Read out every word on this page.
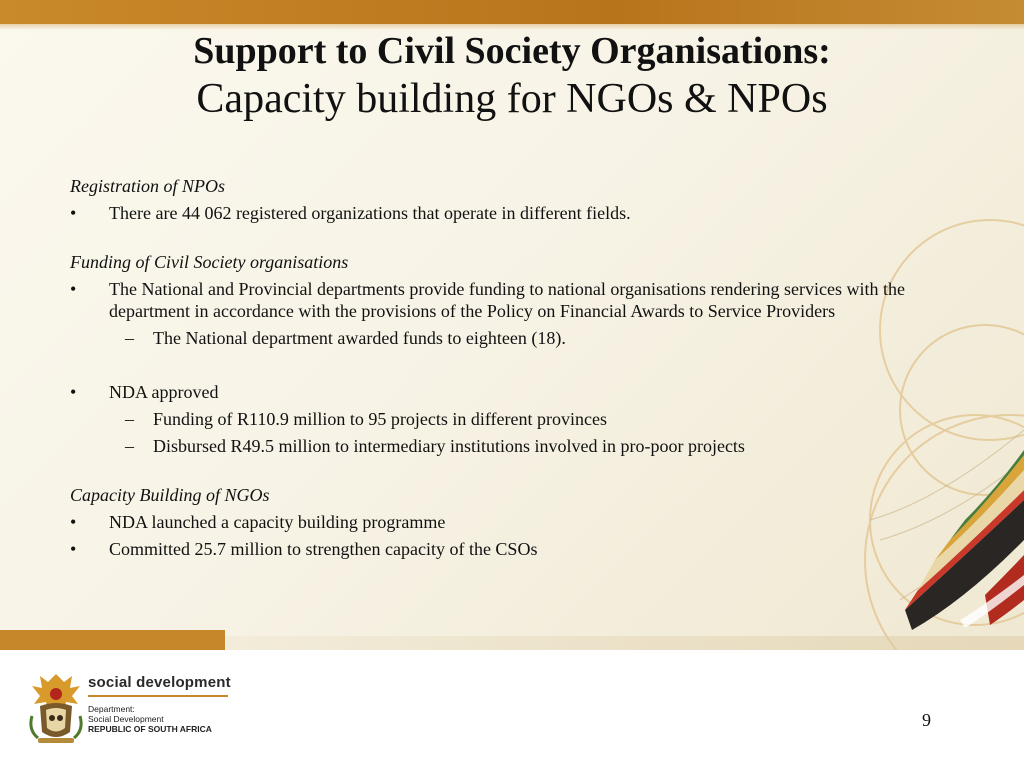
Support to Civil Society Organisations:
Capacity building for NGOs & NPOs

Registration of NPOs

•	There are 44 062 registered organizations that operate in different fields.

Funding of Civil Society organisations

•	The National and Provincial departments provide funding to national organisations rendering services with the department in accordance with the provisions of the Policy on Financial Awards to Service Providers
– The National department awarded funds to eighteen (18).
•	NDA approved
– Funding of R110.9 million to 95 projects in different provinces
– Disbursed R49.5 million to intermediary institutions involved in pro-poor projects

Capacity Building of NGOs

•	NDA launched a capacity building programme
•	Committed 25.7 million to strengthen capacity of the CSOs
social development
Department:
Social Development
REPUBLIC OF SOUTH AFRICA	9
